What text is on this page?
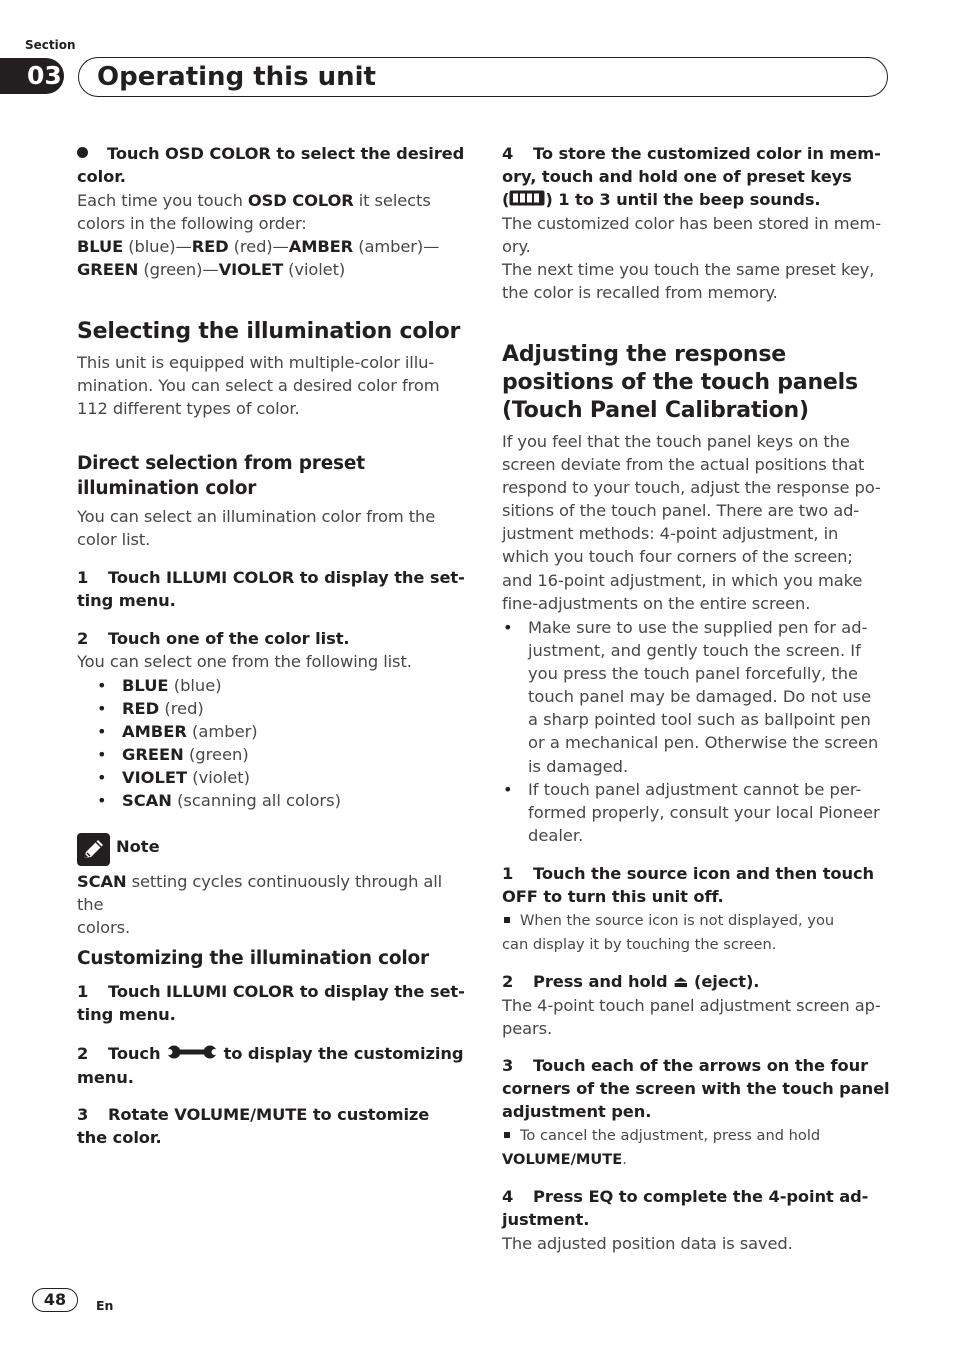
Section
03 Operating this unit
Touch OSD COLOR to select the desired
color.
Each time you touch OSD COLOR it selects
colors in the following order:
BLUE (blue)—RED (red)—AMBER (amber)—
GREEN (green)—VIOLET (violet)
Selecting the illumination color
This unit is equipped with multiple-color illu-
mination. You can select a desired color from
112 different types of color.
Direct selection from preset
illumination color
You can select an illumination color from the
color list.
1 Touch ILLUMI COLOR to display the set-
ting menu.
2 Touch one of the color list.
You can select one from the following list.
• BLUE (blue)
• RED (red)
• AMBER (amber)
• GREEN (green)
• VIOLET (violet)
• SCAN (scanning all colors)
Note
SCAN setting cycles continuously through all the
colors.
Customizing the illumination color
1 Touch ILLUMI COLOR to display the set-
ting menu.
2 Touch	to display the customizing
menu.
3 Rotate VOLUME/MUTE to customize
the color.
4 To store the customized color in mem-
ory, touch and hold one of preset keys
( ) 1 to 3 until the beep sounds.
The customized color has been stored in mem-
ory.
The next time you touch the same preset key,
the color is recalled from memory.
Adjusting the response
positions of the touch panels
(Touch Panel Calibration)
If you feel that the touch panel keys on the
screen deviate from the actual positions that
respond to your touch, adjust the response po-
sitions of the touch panel. There are two ad-
justment methods: 4-point adjustment, in
which you touch four corners of the screen;
and 16-point adjustment, in which you make
fine-adjustments on the entire screen.
• Make sure to use the supplied pen for ad-
justment, and gently touch the screen. If
you press the touch panel forcefully, the
touch panel may be damaged. Do not use
a sharp pointed tool such as ballpoint pen
or a mechanical pen. Otherwise the screen
is damaged.
• If touch panel adjustment cannot be per-
formed properly, consult your local Pioneer
dealer.
1 Touch the source icon and then touch
OFF to turn this unit off.
When the source icon is not displayed, you
can display it by touching the screen.
2 Press and hold ⏏ (eject).
The 4-point touch panel adjustment screen ap-
pears.
3 Touch each of the arrows on the four
corners of the screen with the touch panel
adjustment pen.
To cancel the adjustment, press and hold
VOLUME/MUTE.
4 Press EQ to complete the 4-point ad-
justment.
The adjusted position data is saved.
48	En
